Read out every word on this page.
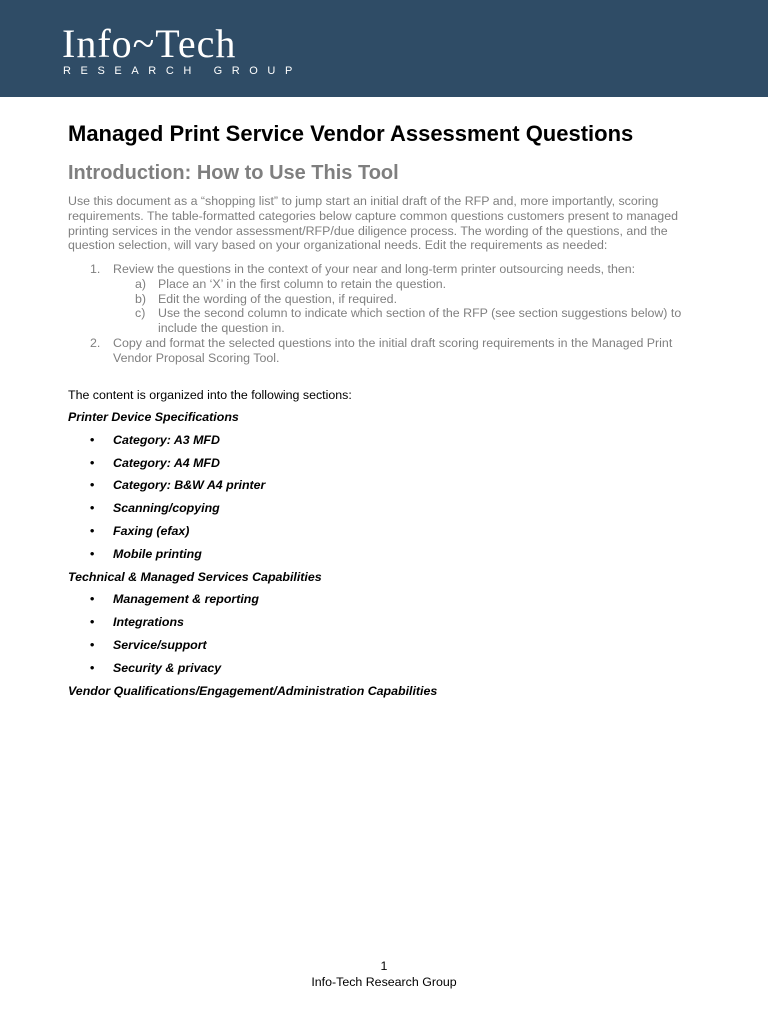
Info~Tech
RESEARCH GROUP
Managed Print Service Vendor Assessment Questions
Introduction: How to Use This Tool

Use this document as a “shopping list” to jump start an initial draft of the RFP and, more importantly, scoring requirements. The table-formatted categories below capture common questions customers present to managed printing services in the vendor assessment/RFP/due diligence process. The wording of the questions, and the question selection, will vary based on your organizational needs. Edit the requirements as needed:

1. Review the questions in the context of your near and long-term printer outsourcing needs, then:
a) Place an ‘X’ in the first column to retain the question.
b) Edit the wording of the question, if required.
c) Use the second column to indicate which section of the RFP (see section suggestions below) to include the question in.
2. Copy and format the selected questions into the initial draft scoring requirements in the Managed Print Vendor Proposal Scoring Tool.

The content is organized into the following sections:

Printer Device Specifications
• Category: A3 MFD
• Category: A4 MFD
• Category: B&W A4 printer
• Scanning/copying
• Faxing (efax)
• Mobile printing
Technical & Managed Services Capabilities
• Management & reporting
• Integrations
• Service/support
• Security & privacy
Vendor Qualifications/Engagement/Administration Capabilities
1
Info-Tech Research Group
